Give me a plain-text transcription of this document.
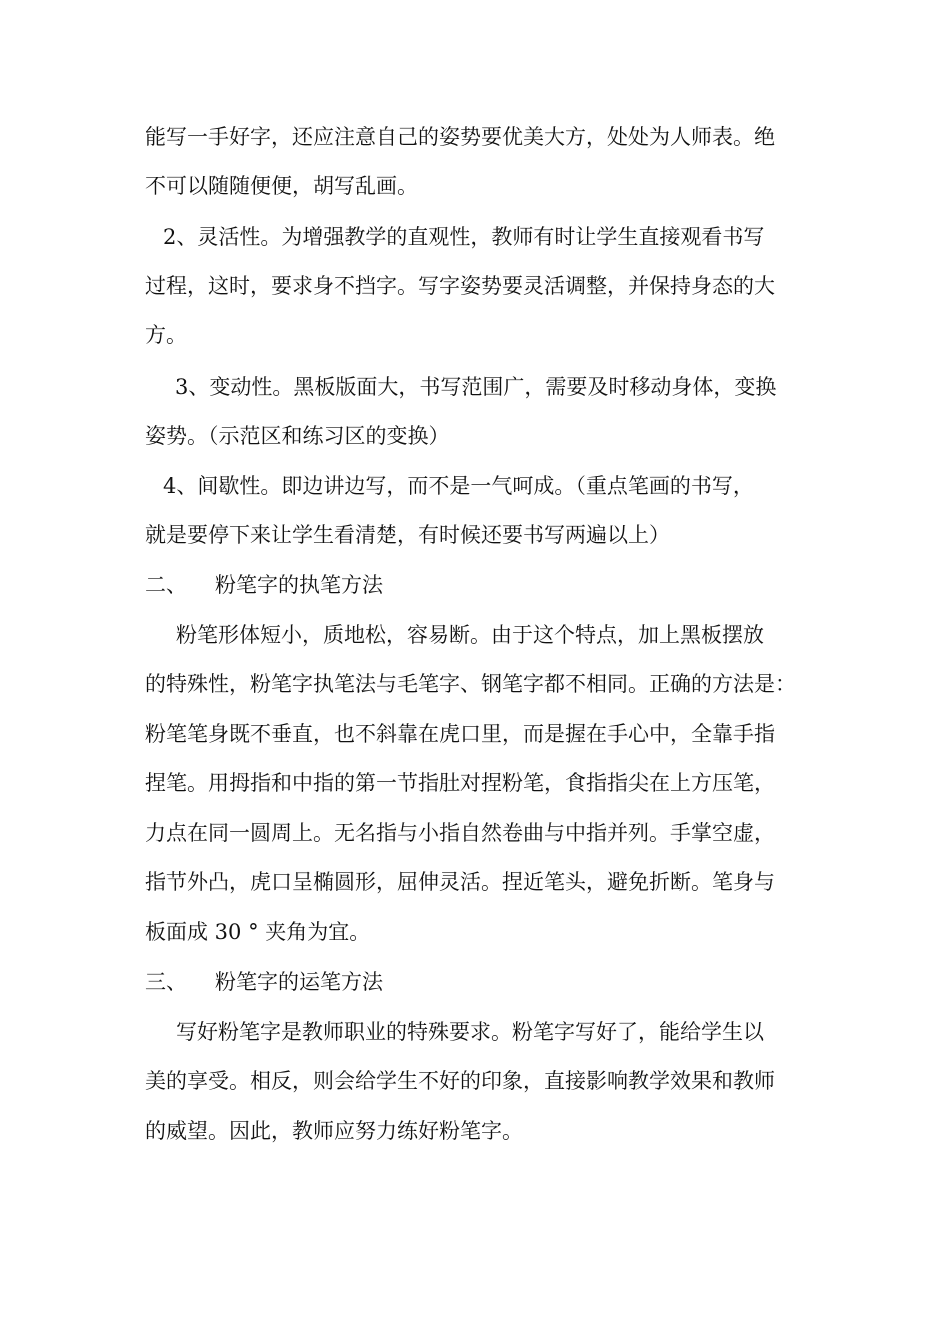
能写一手好字，还应注意自己的姿势要优美大方，处处为人师表。绝
不可以随随便便，胡写乱画。
2、灵活性。为增强教学的直观性，教师有时让学生直接观看书写
过程，这时，要求身不挡字。写字姿势要灵活调整，并保持身态的大
方。
3、变动性。黑板版面大，书写范围广，需要及时移动身体，变换
姿势。（示范区和练习区的变换）
4、间歇性。即边讲边写，而不是一气呵成。（重点笔画的书写，
就是要停下来让学生看清楚，有时候还要书写两遍以上）
二、 粉笔字的执笔方法
粉笔形体短小，质地松，容易断。由于这个特点，加上黑板摆放
的特殊性，粉笔字执笔法与毛笔字、钢笔字都不相同。正确的方法是：
粉笔笔身既不垂直，也不斜靠在虎口里，而是握在手心中，全靠手指
捏笔。用拇指和中指的第一节指肚对捏粉笔，食指指尖在上方压笔，
力点在同一圆周上。无名指与小指自然卷曲与中指并列。手掌空虚，
指节外凸，虎口呈椭圆形，屈伸灵活。捏近笔头，避免折断。笔身与
板面成 30 ° 夹角为宜。
三、 粉笔字的运笔方法
写好粉笔字是教师职业的特殊要求。粉笔字写好了，能给学生以
美的享受。相反，则会给学生不好的印象，直接影响教学效果和教师
的威望。因此，教师应努力练好粉笔字。
